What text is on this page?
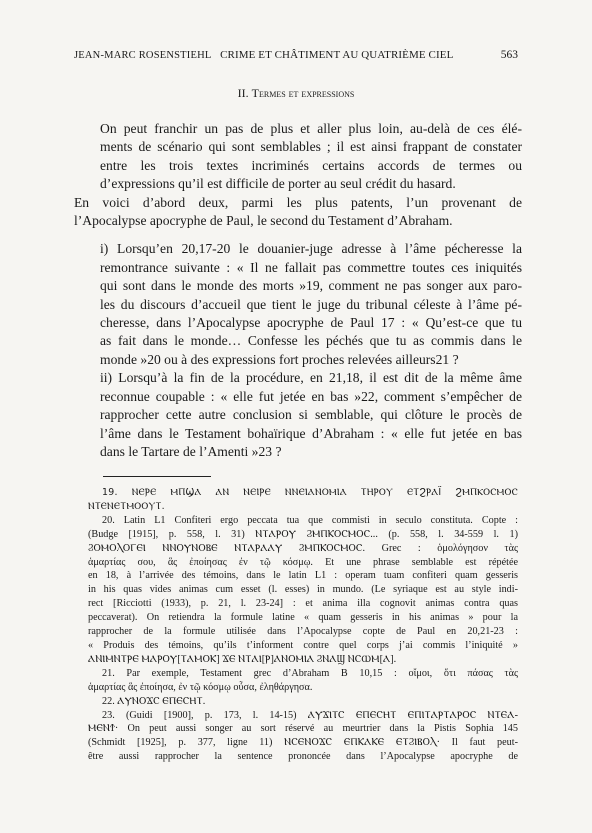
JEAN-MARC ROSENSTIEHL CRIME ET CHÂTIMENT AU QUATRIÈME CIEL	563
II. Termes et expressions

On peut franchir un pas de plus et aller plus loin, au-delà de ces élé-
ments de scénario qui sont semblables ; il est ainsi frappant de constater
entre les trois textes incriminés certains accords de termes ou
d’expressions qu’il est difficile de porter au seul crédit du hasard.

En voici d’abord deux, parmi les plus patents, l’un provenant de
l’Apocalypse apocryphe de Paul, le second du Testament d’Abraham.

i) Lorsqu’en 20,17-20 le douanier-juge adresse à l’âme pécheresse la
remontrance suivante : « Il ne fallait pas commettre toutes ces iniquités
qui sont dans le monde des morts »19, comment ne pas songer aux paro-
les du discours d’accueil que tient le juge du tribunal céleste à l’âme pé-
cheresse, dans l’Apocalypse apocryphe de Paul 17 : « Qu’est-ce que tu
as fait dans le monde… Confesse les péchés que tu as commis dans le
monde »20 ou à des expressions fort proches relevées ailleurs21 ?

ii) Lorsqu’à la fin de la procédure, en 21,18, il est dit de la même âme
reconnue coupable : « elle fut jetée en bas »22, comment s’empêcher de
rapprocher cette autre conclusion si semblable, qui clôture le procès de
l’âme dans le Testament bohaïrique d’Abraham : « elle fut jetée en bas
dans le Tartare de l’Amenti »23 ?

19. ⲚⲈⲢⲈ ⲘⲠϢⲀ ⲀⲚ ⲚⲈⲒⲢⲈ ⲚⲚⲈⲒⲀⲚⲞⲘⲒⲀ ⲦⲎⲢⲞⲨ ⲈⲦϨⲢⲀÏ ϨⲘⲠⲔⲞⲤⲘⲞⲤ
ⲚⲦⲈⲚⲈⲦⲘⲞⲞⲨⲦ.
20. Latin L1 Confiteri ergo peccata tua que commisti in seculo constituta. Copte :
(Budge [1915], p. 558, l. 31) ⲚⲦⲀⲢⲞⲨ ϨⲘⲠⲔⲞⲤⲘⲞⲤ... (p. 558, l. 34-559 l. 1)
ϨⲞⲘⲞⲖⲞⲄⲈⲒ ⲚⲚⲞⲨⲚⲞⲂⲈ ⲚⲦⲀⲢⲀⲀⲨ ϨⲘⲠⲔⲞⲤⲘⲞⲤ. Grec : ὁμολόγησον τὰς
ἁμαρτίας σου, ἃς ἐποίησας ἐν τῷ κόσμῳ. Et une phrase semblable est répétée
en 18, à l’arrivée des témoins, dans le latin L1 : operam tuam confiteri quam gesseris
in his quas vides animas cum esset (l. esses) in mundo. (Le syriaque est au style indi-
rect [Ricciotti (1933), p. 21, l. 23-24] : et anima illa cognovit animas contra quas
peccaverat). On retiendra la formule latine « quam gesseris in his animas » pour la
rapprocher de la formule utilisée dans l’Apocalypse copte de Paul en 20,21-23 :
« Produis des témoins, qu’ils t’informent contre quel corps j’ai commis l’iniquité »
ⲀⲚⲒⲘⲚⲦⲢⲈ ⲘⲀⲢⲞⲨ[ⲦⲀⲘⲞⲔ] ϪⲈ ⲚⲦⲀⲒ[Ⲣ]ⲀⲚⲞⲘⲒⲀ ϨⲚⲀϢ ⲚⲤⲰⲘ[Ⲁ].
21. Par exemple, Testament grec d’Abraham B 10,15 : οἴμοι, ὅτι πάσας τὰς
ἁμαρτίας ἃς ἐποίησα, ἐν τῷ κόσμῳ οὖσα, ἐληθάργησα.
22. ⲀⲨⲚⲞϪⲤ ⲈⲠⲈⲤⲎⲦ.
23. (Guidi [1900], p. 173, l. 14-15) ⲀⲨϪⲒⲦⲤ ⲈⲠⲈⲤⲎⲦ ⲈⲠⲒⲦⲀⲢⲦⲀⲢⲞⲤ ⲚⲦⲈⲀ-
ⲘⲈⲚϮ· On peut aussi songer au sort réservé au meurtrier dans la Pistis Sophia 145
(Schmidt [1925], p. 377, ligne 11) ⲚⲤⲈⲚⲞϪⲤ ⲈⲠⲔⲀⲔⲈ ⲈⲦϨⲒⲂⲞⲖ· Il faut peut-
être aussi rapprocher la sentence prononcée dans l’Apocalypse apocryphe de
